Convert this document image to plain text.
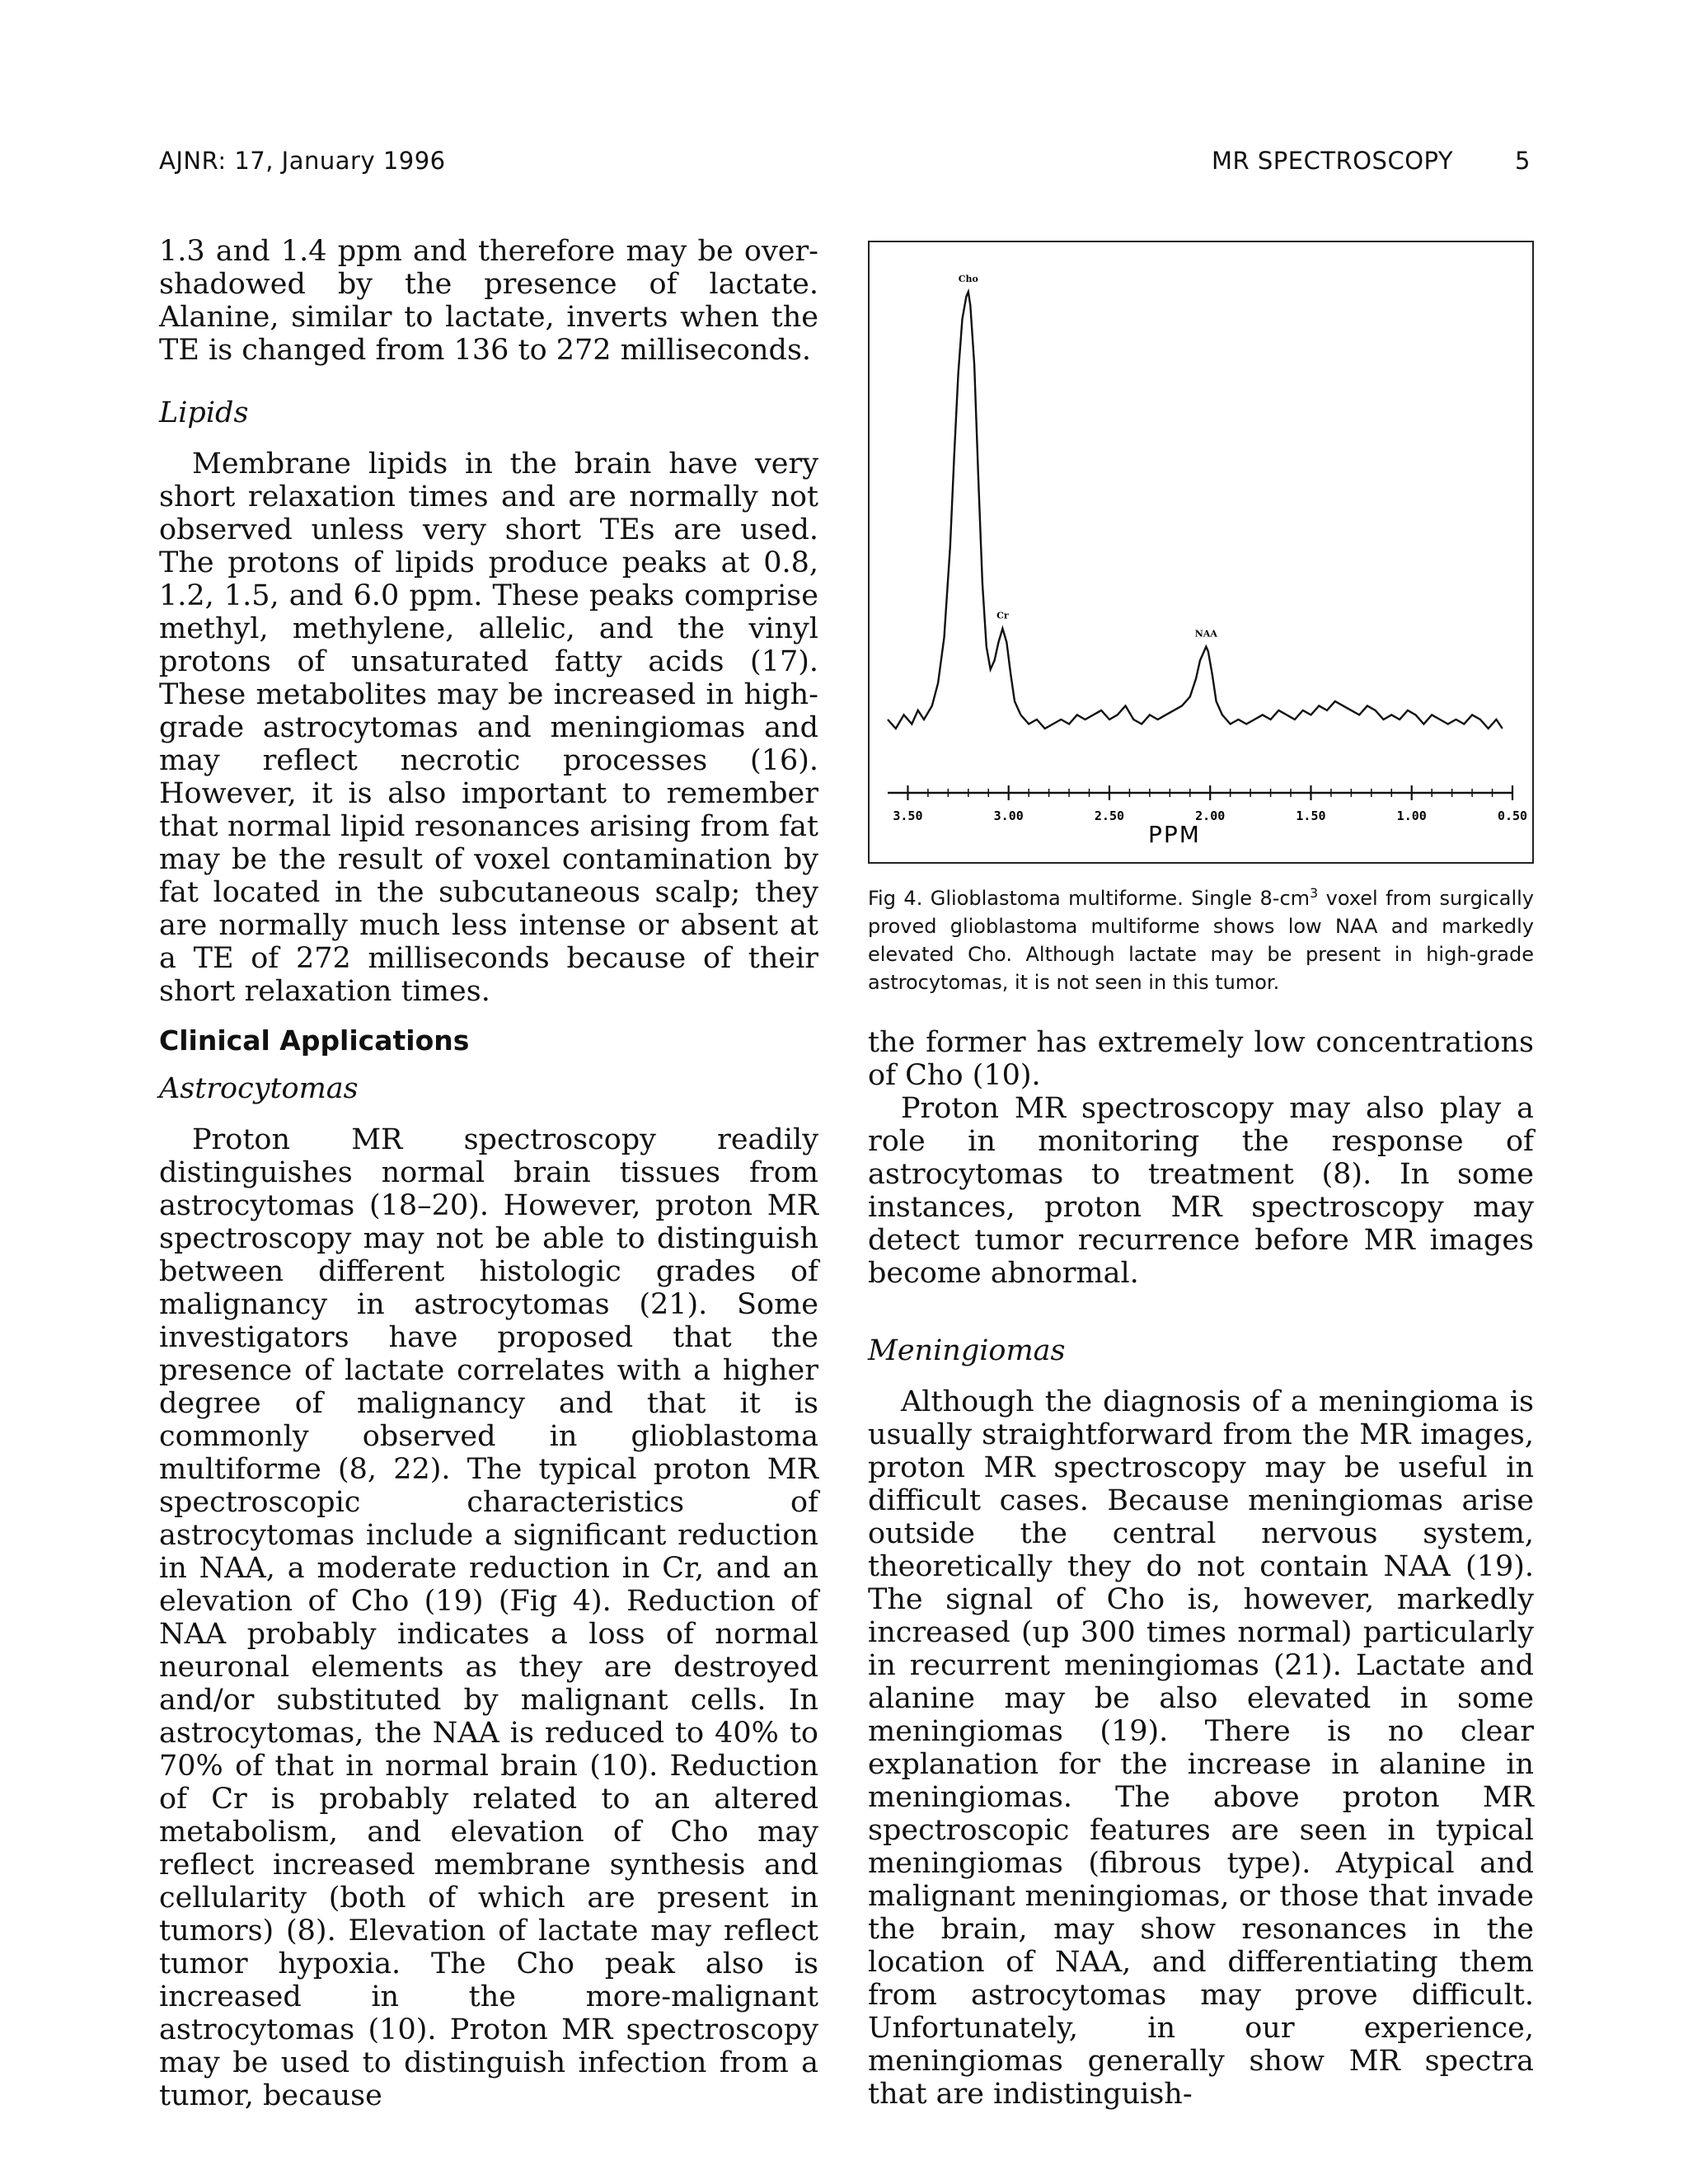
AJNR: 17, January 1996	MR SPECTROSCOPY	5

1.3 and 1.4 ppm and therefore may be over-shadowed by the presence of lactate. Alanine, similar to lactate, inverts when the TE is changed from 136 to 272 milliseconds.

Lipids

Membrane lipids in the brain have very short relaxation times and are normally not observed unless very short TEs are used. The protons of lipids produce peaks at 0.8, 1.2, 1.5, and 6.0 ppm. These peaks comprise methyl, methylene, allelic, and the vinyl protons of unsaturated fatty acids (17). These metabolites may be increased in high-grade astrocytomas and meningiomas and may reflect necrotic processes (16). However, it is also important to remember that normal lipid resonances arising from fat may be the result of voxel contamination by fat located in the subcutaneous scalp; they are normally much less intense or absent at a TE of 272 milliseconds because of their short relaxation times.

Clinical Applications

Astrocytomas

Proton MR spectroscopy readily distinguishes normal brain tissues from astrocytomas (18–20). However, proton MR spectroscopy may not be able to distinguish between different histologic grades of malignancy in astrocytomas (21). Some investigators have proposed that the presence of lactate correlates with a higher degree of malignancy and that it is commonly observed in glioblastoma multiforme (8, 22). The typical proton MR spectroscopic characteristics of astrocytomas include a significant reduction in NAA, a moderate reduction in Cr, and an elevation of Cho (19) (Fig 4). Reduction of NAA probably indicates a loss of normal neuronal elements as they are destroyed and/or substituted by malignant cells. In astrocytomas, the NAA is reduced to 40% to 70% of that in normal brain (10). Reduction of Cr is probably related to an altered metabolism, and elevation of Cho may reflect increased membrane synthesis and cellularity (both of which are present in tumors) (8). Elevation of lactate may reflect tumor hypoxia. The Cho peak also is increased in the more-malignant astrocytomas (10). Proton MR spectroscopy may be used to distinguish infection from a tumor, because

Cho
Cr
NAA
3.50	3.00	2.50	2.00	1.50	1.00	0.50
PPM
Fig 4. Glioblastoma multiforme. Single $8-cm^3$ voxel from surgically proved glioblastoma multiforme shows low NAA and markedly elevated Cho. Although lactate may be present in high-grade astrocytomas, it is not seen in this tumor.

the former has extremely low concentrations of Cho (10).

Proton MR spectroscopy may also play a role in monitoring the response of astrocytomas to treatment (8). In some instances, proton MR spectroscopy may detect tumor recurrence before MR images become abnormal.

Meningiomas

Although the diagnosis of a meningioma is usually straightforward from the MR images, proton MR spectroscopy may be useful in difficult cases. Because meningiomas arise outside the central nervous system, theoretically they do not contain NAA (19). The signal of Cho is, however, markedly increased (up 300 times normal) particularly in recurrent meningiomas (21). Lactate and alanine may be also elevated in some meningiomas (19). There is no clear explanation for the increase in alanine in meningiomas. The above proton MR spectroscopic features are seen in typical meningiomas (fibrous type). Atypical and malignant meningiomas, or those that invade the brain, may show resonances in the location of NAA, and differentiating them from astrocytomas may prove difficult. Unfortunately, in our experience, meningiomas generally show MR spectra that are indistinguish-
